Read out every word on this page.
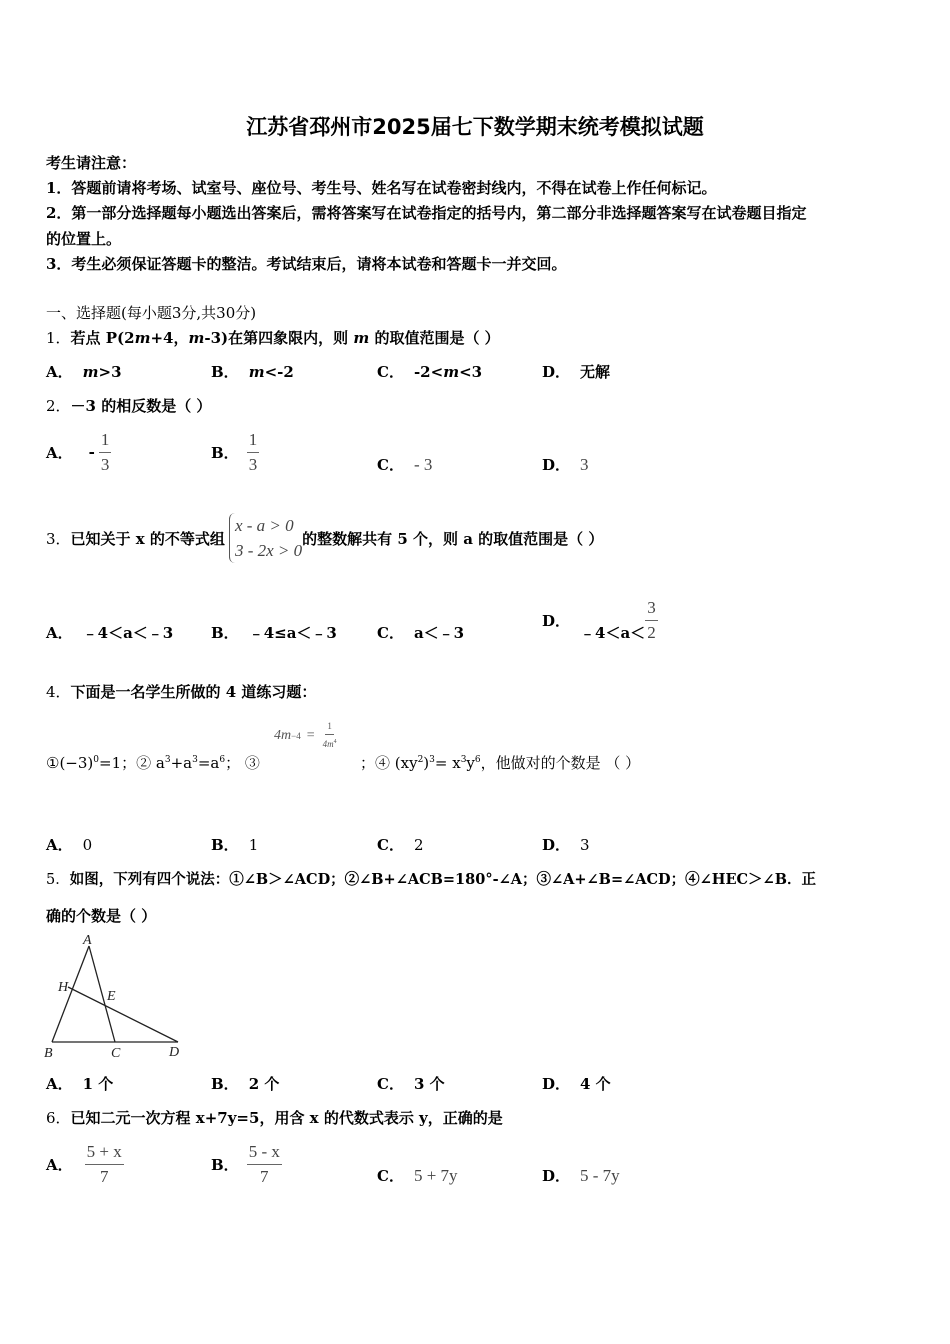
江苏省邳州市2025届七下数学期末统考模拟试题
考生请注意：
1．答题前请将考场、试室号、座位号、考生号、姓名写在试卷密封线内，不得在试卷上作任何标记。
2．第一部分选择题每小题选出答案后，需将答案写在试卷指定的括号内，第二部分非选择题答案写在试卷题目指定
的位置上。
3．考生必须保证答题卡的整洁。考试结束后，请将本试卷和答题卡一并交回。
一、选择题(每小题3分,共30分)
1．若点 P(2m+4，m-3)在第四象限内，则 m 的取值范围是（ ）
A． m>3	B． m<-2	C． -2<m<3	D． 无解
2．－3 的相反数是（ ）
A． - $\frac{1}{3}$	B． $\frac{1}{3}$	C． - 3	D． 3
3． 已知关于 x 的不等式组
x - a > 0
3 - 2x > 0
的整数解共有 5 个，则 a 的取值范围是（ ）
A． ﹣4＜a＜﹣3	B． ﹣4≤a＜﹣3	C． a＜﹣3
D．
﹣4＜a＜ $\frac{3}{2}$
4．下面是一名学生所做的 4 道练习题：
$4m -4 = \frac{1}{4m^4}$
$①(-3)^0=1$；② $a^3+a^3=a^6$； ③	；④ $(xy^2)^3= x^3y^6$，他做对的个数是 （ ）
A． 0	B． 1	C． 2	D． 3
5．如图，下列有四个说法：①∠B＞∠ACD；②∠B+∠ACB=180°-∠A；③∠A+∠B=∠ACD；④∠HEC＞∠B．正
确的个数是（ ）
A
H
E
B	C	D
A． 1 个	B． 2 个	C． 3 个	D． 4 个
6．已知二元一次方程 x+7y=5，用含 x 的代数式表示 y，正确的是
A． $\frac{5 + x}{7}$	B． $\frac{5 - x}{7}$	C． 5 + 7y	D． 5 - 7y
